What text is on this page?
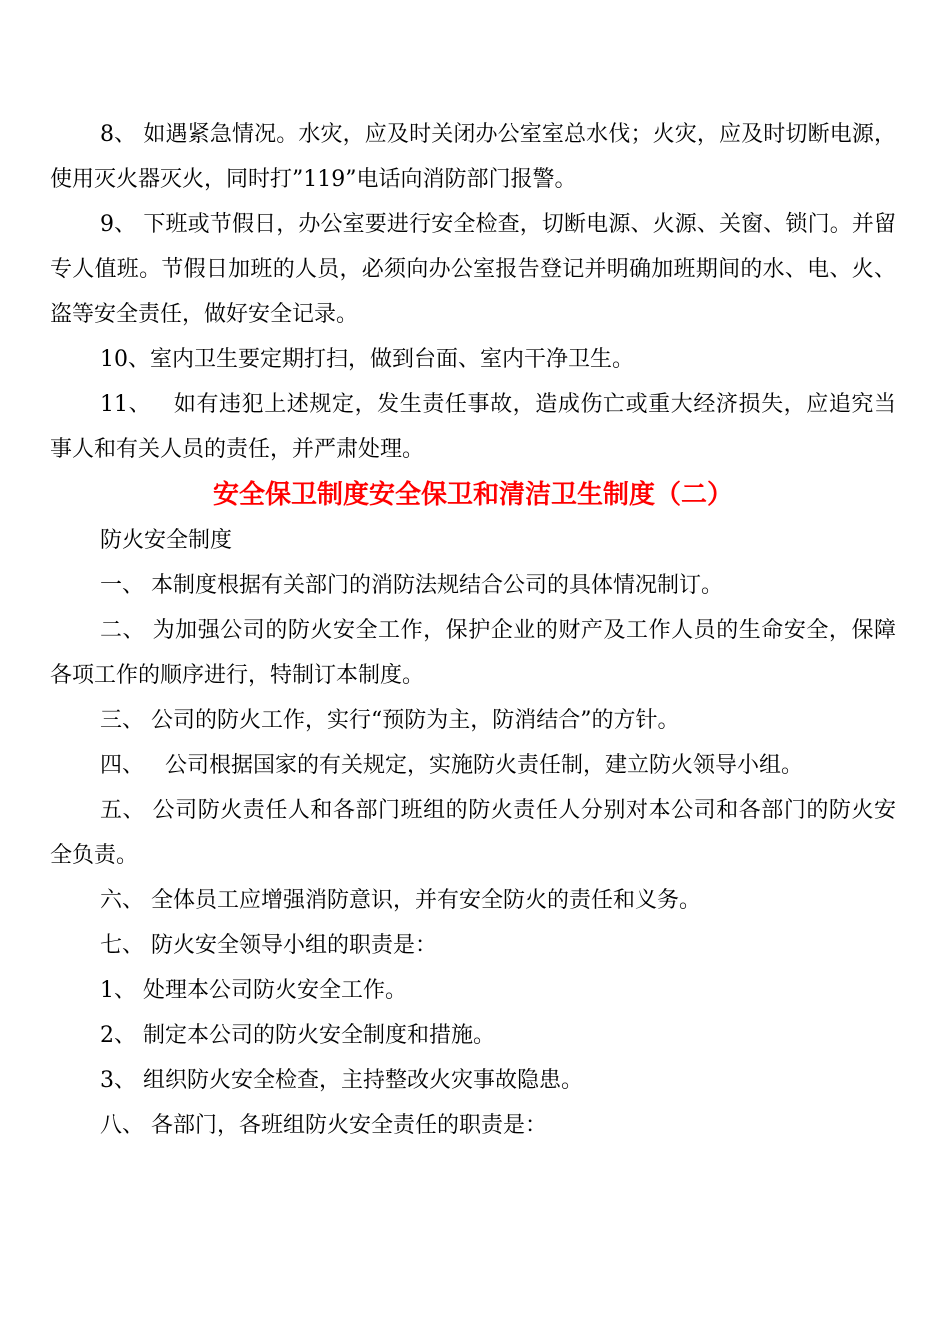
8、 如遇紧急情况。水灾，应及时关闭办公室室总水伐；火灾，应及时切断电源，使用灭火器灭火，同时打”119”电话向消防部门报警。

9、 下班或节假日，办公室要进行安全检查，切断电源、火源、关窗、锁门。并留专人值班。节假日加班的人员，必须向办公室报告登记并明确加班期间的水、电、火、盗等安全责任，做好安全记录。

10、室内卫生要定期打扫，做到台面、室内干净卫生。

11、   如有违犯上述规定，发生责任事故，造成伤亡或重大经济损失，应追究当事人和有关人员的责任，并严肃处理。

安全保卫制度安全保卫和清洁卫生制度（二）

防火安全制度

一、 本制度根据有关部门的消防法规结合公司的具体情况制订。

二、 为加强公司的防火安全工作，保护企业的财产及工作人员的生命安全，保障各项工作的顺序进行，特制订本制度。

三、 公司的防火工作，实行“预防为主，防消结合”的方针。

四、   公司根据国家的有关规定，实施防火责任制，建立防火领导小组。

五、 公司防火责任人和各部门班组的防火责任人分别对本公司和各部门的防火安全负责。

六、 全体员工应增强消防意识，并有安全防火的责任和义务。

七、 防火安全领导小组的职责是：

1、 处理本公司防火安全工作。

2、 制定本公司的防火安全制度和措施。

3、 组织防火安全检查，主持整改火灾事故隐患。

八、 各部门，各班组防火安全责任的职责是：
